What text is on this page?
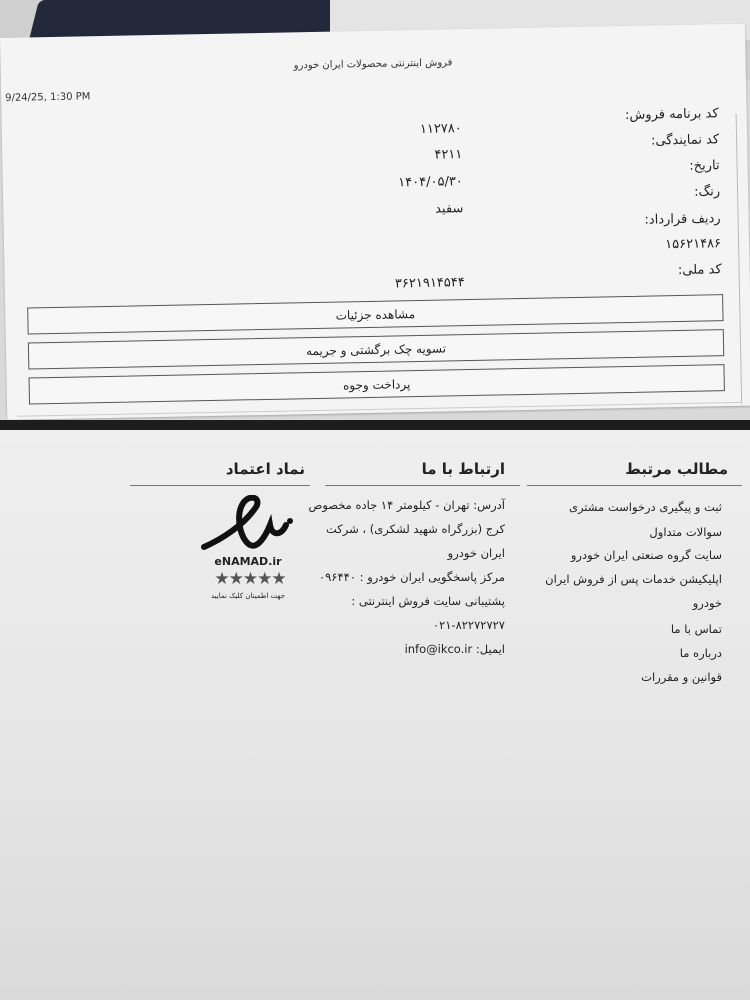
فروش اینترنتی محصولات ایران خودرو
9/24/25, 1:30 PM
کد برنامه فروش:
۱۱۲۷۸۰
کد نمایندگی:
۴۲۱۱
تاریخ:
۱۴۰۴/۰۵/۳۰
رنگ:
سفید
ردیف قرارداد:
۱۵۶۲۱۴۸۶
کد ملی:
۳۶۲۱۹۱۴۵۴۴
مشاهده جزئیات
تسویه چک برگشتی و جریمه
پرداخت وجوه
مطالب مرتبط
ثبت و پیگیری درخواست مشتری
سوالات متداول
سایت گروه صنعتی ایران خودرو
اپلیکیشن خدمات پس از فروش ایران
خودرو
تماس با ما
درباره ما
قوانین و مقررات
ارتباط با ما
آدرس: تهران - کیلومتر ۱۴ جاده مخصوص
کرج (بزرگراه شهید لشکری) ، شرکت
ایران خودرو
مرکز پاسخگویی ایران خودرو : ۰۹۶۴۴۰
پشتیبانی سایت فروش اینترنتی :
۰۲۱-۸۲۲۷۲۷۲۷
ایمیل: info@ikco.ir
نماد اعتماد
eNAMAD.ir
★★★★★
جهت اطمینان کلیک نمایید
